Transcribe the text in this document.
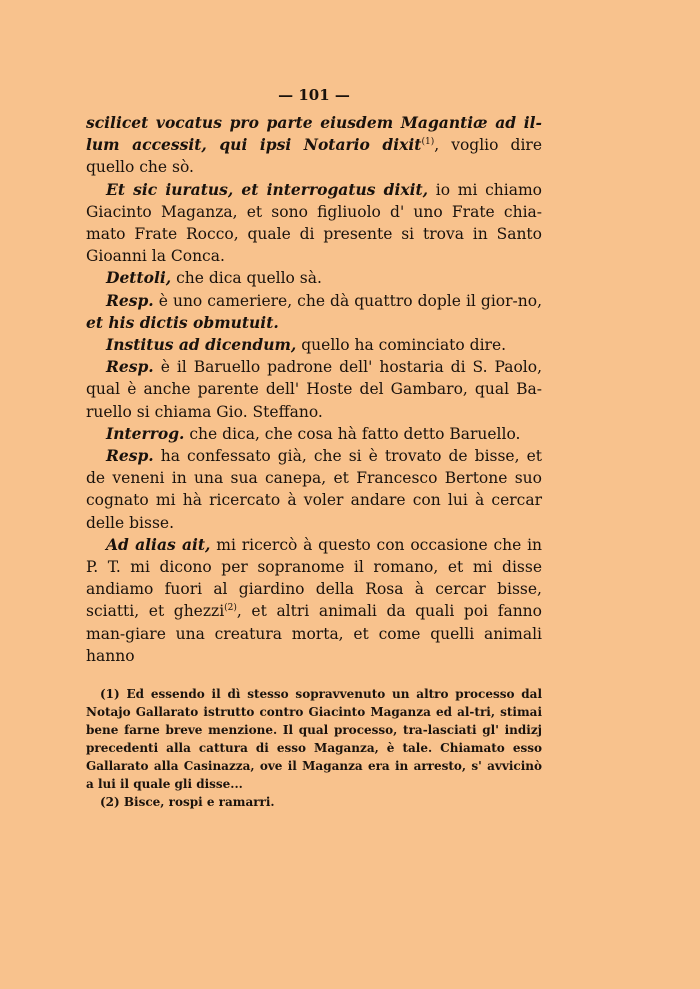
— 101 —

scilicet vocatus pro parte eiusdem Magantiæ ad il-lum accessit, qui ipsi Notario dixit$^{(1)}$, voglio dire quello che sò.

Et sic iuratus, et interrogatus dixit, io mi chiamo Giacinto Maganza, et sono figliuolo d' uno Frate chia-mato Frate Rocco, quale di presente si trova in Santo Gioanni la Conca.

Dettoli, che dica quello sà.

Resp. è uno cameriere, che dà quattro dople il gior-no, et his dictis obmutuit.

Institus ad dicendum, quello ha cominciato dire.

Resp. è il Baruello padrone dell' hostaria di S. Paolo, qual è anche parente dell' Hoste del Gambaro, qual Ba-ruello si chiama Gio. Steffano.

Interrog. che dica, che cosa hà fatto detto Baruello.

Resp. ha confessato già, che si è trovato de bisse, et de veneni in una sua canepa, et Francesco Bertone suo cognato mi hà ricercato à voler andare con lui à cercar delle bisse.

Ad alias ait, mi ricercò à questo con occasione che in P. T. mi dicono per sopranome il romano, et mi disse andiamo fuori al giardino della Rosa à cercar bisse, sciatti, et ghezzi$^{(2)}$, et altri animali da quali poi fanno man-giare una creatura morta, et come quelli animali hanno

(1) Ed essendo il dì stesso sopravvenuto un altro processo dal Notajo Gallarato istrutto contro Giacinto Maganza ed al-tri, stimai bene farne breve menzione. Il qual processo, tra-lasciati gl' indizj precedenti alla cattura di esso Maganza, è tale. Chiamato esso Gallarato alla Casinazza, ove il Maganza era in arresto, s' avvicinò a lui il quale gli disse...

(2) Bisce, rospi e ramarri.
